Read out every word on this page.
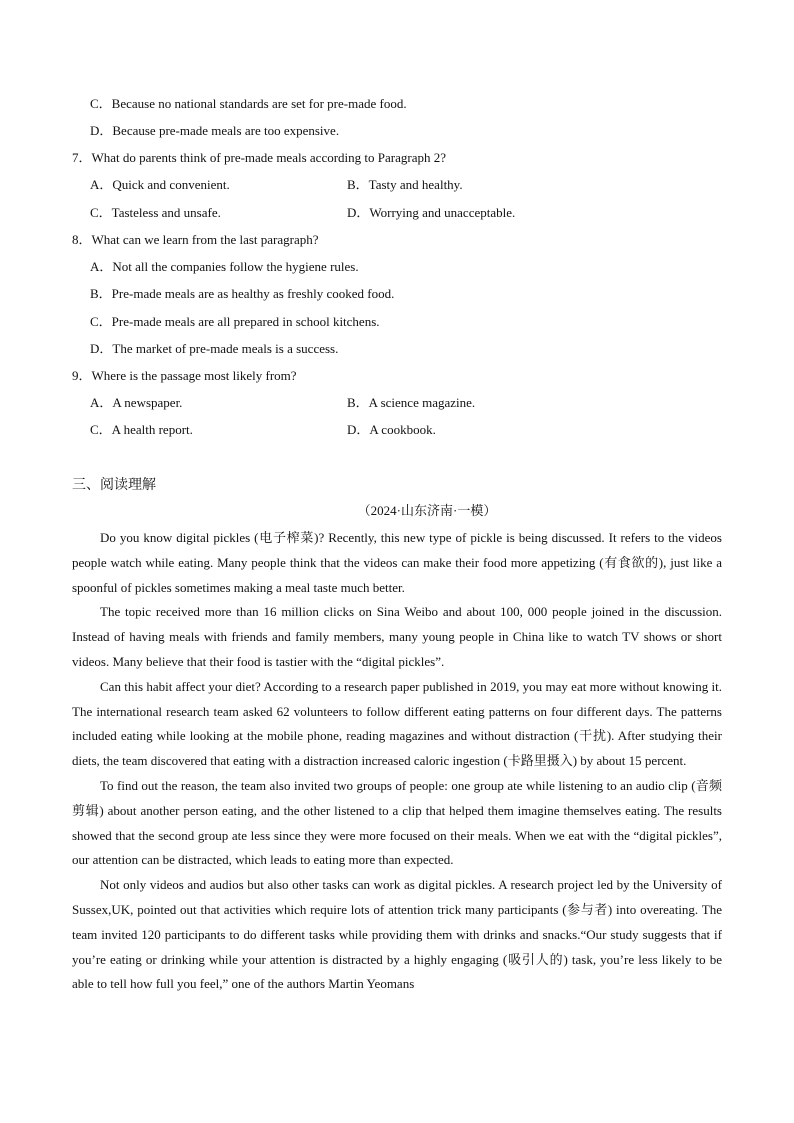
C．Because no national standards are set for pre-made food.
D．Because pre-made meals are too expensive.
7．What do parents think of pre-made meals according to Paragraph 2?
A．Quick and convenient.	B．Tasty and healthy.
C．Tasteless and unsafe.	D．Worrying and unacceptable.
8．What can we learn from the last paragraph?
A．Not all the companies follow the hygiene rules.
B．Pre-made meals are as healthy as freshly cooked food.
C．Pre-made meals are all prepared in school kitchens.
D．The market of pre-made meals is a success.
9．Where is the passage most likely from?
A．A newspaper.	B．A science magazine.
C．A health report.	D．A cookbook.
三、阅读理解
（2024·山东济南·一模）

Do you know digital pickles (电子榨菜)? Recently, this new type of pickle is being discussed. It refers to the videos people watch while eating. Many people think that the videos can make their food more appetizing (有食欲的), just like a spoonful of pickles sometimes making a meal taste much better.

The topic received more than 16 million clicks on Sina Weibo and about 100, 000 people joined in the discussion. Instead of having meals with friends and family members, many young people in China like to watch TV shows or short videos. Many believe that their food is tastier with the “digital pickles”.

Can this habit affect your diet? According to a research paper published in 2019, you may eat more without knowing it. The international research team asked 62 volunteers to follow different eating patterns on four different days. The patterns included eating while looking at the mobile phone, reading magazines and without distraction (干扰). After studying their diets, the team discovered that eating with a distraction increased caloric ingestion (卡路里摄入) by about 15 percent.

To find out the reason, the team also invited two groups of people: one group ate while listening to an audio clip (音频剪辑) about another person eating, and the other listened to a clip that helped them imagine themselves eating. The results showed that the second group ate less since they were more focused on their meals. When we eat with the “digital pickles”, our attention can be distracted, which leads to eating more than expected.

Not only videos and audios but also other tasks can work as digital pickles. A research project led by the University of Sussex,UK, pointed out that activities which require lots of attention trick many participants (参与者) into overeating. The team invited 120 participants to do different tasks while providing them with drinks and snacks.“Our study suggests that if you’re eating or drinking while your attention is distracted by a highly engaging (吸引人的) task, you’re less likely to be able to tell how full you feel,” one of the authors Martin Yeomans
